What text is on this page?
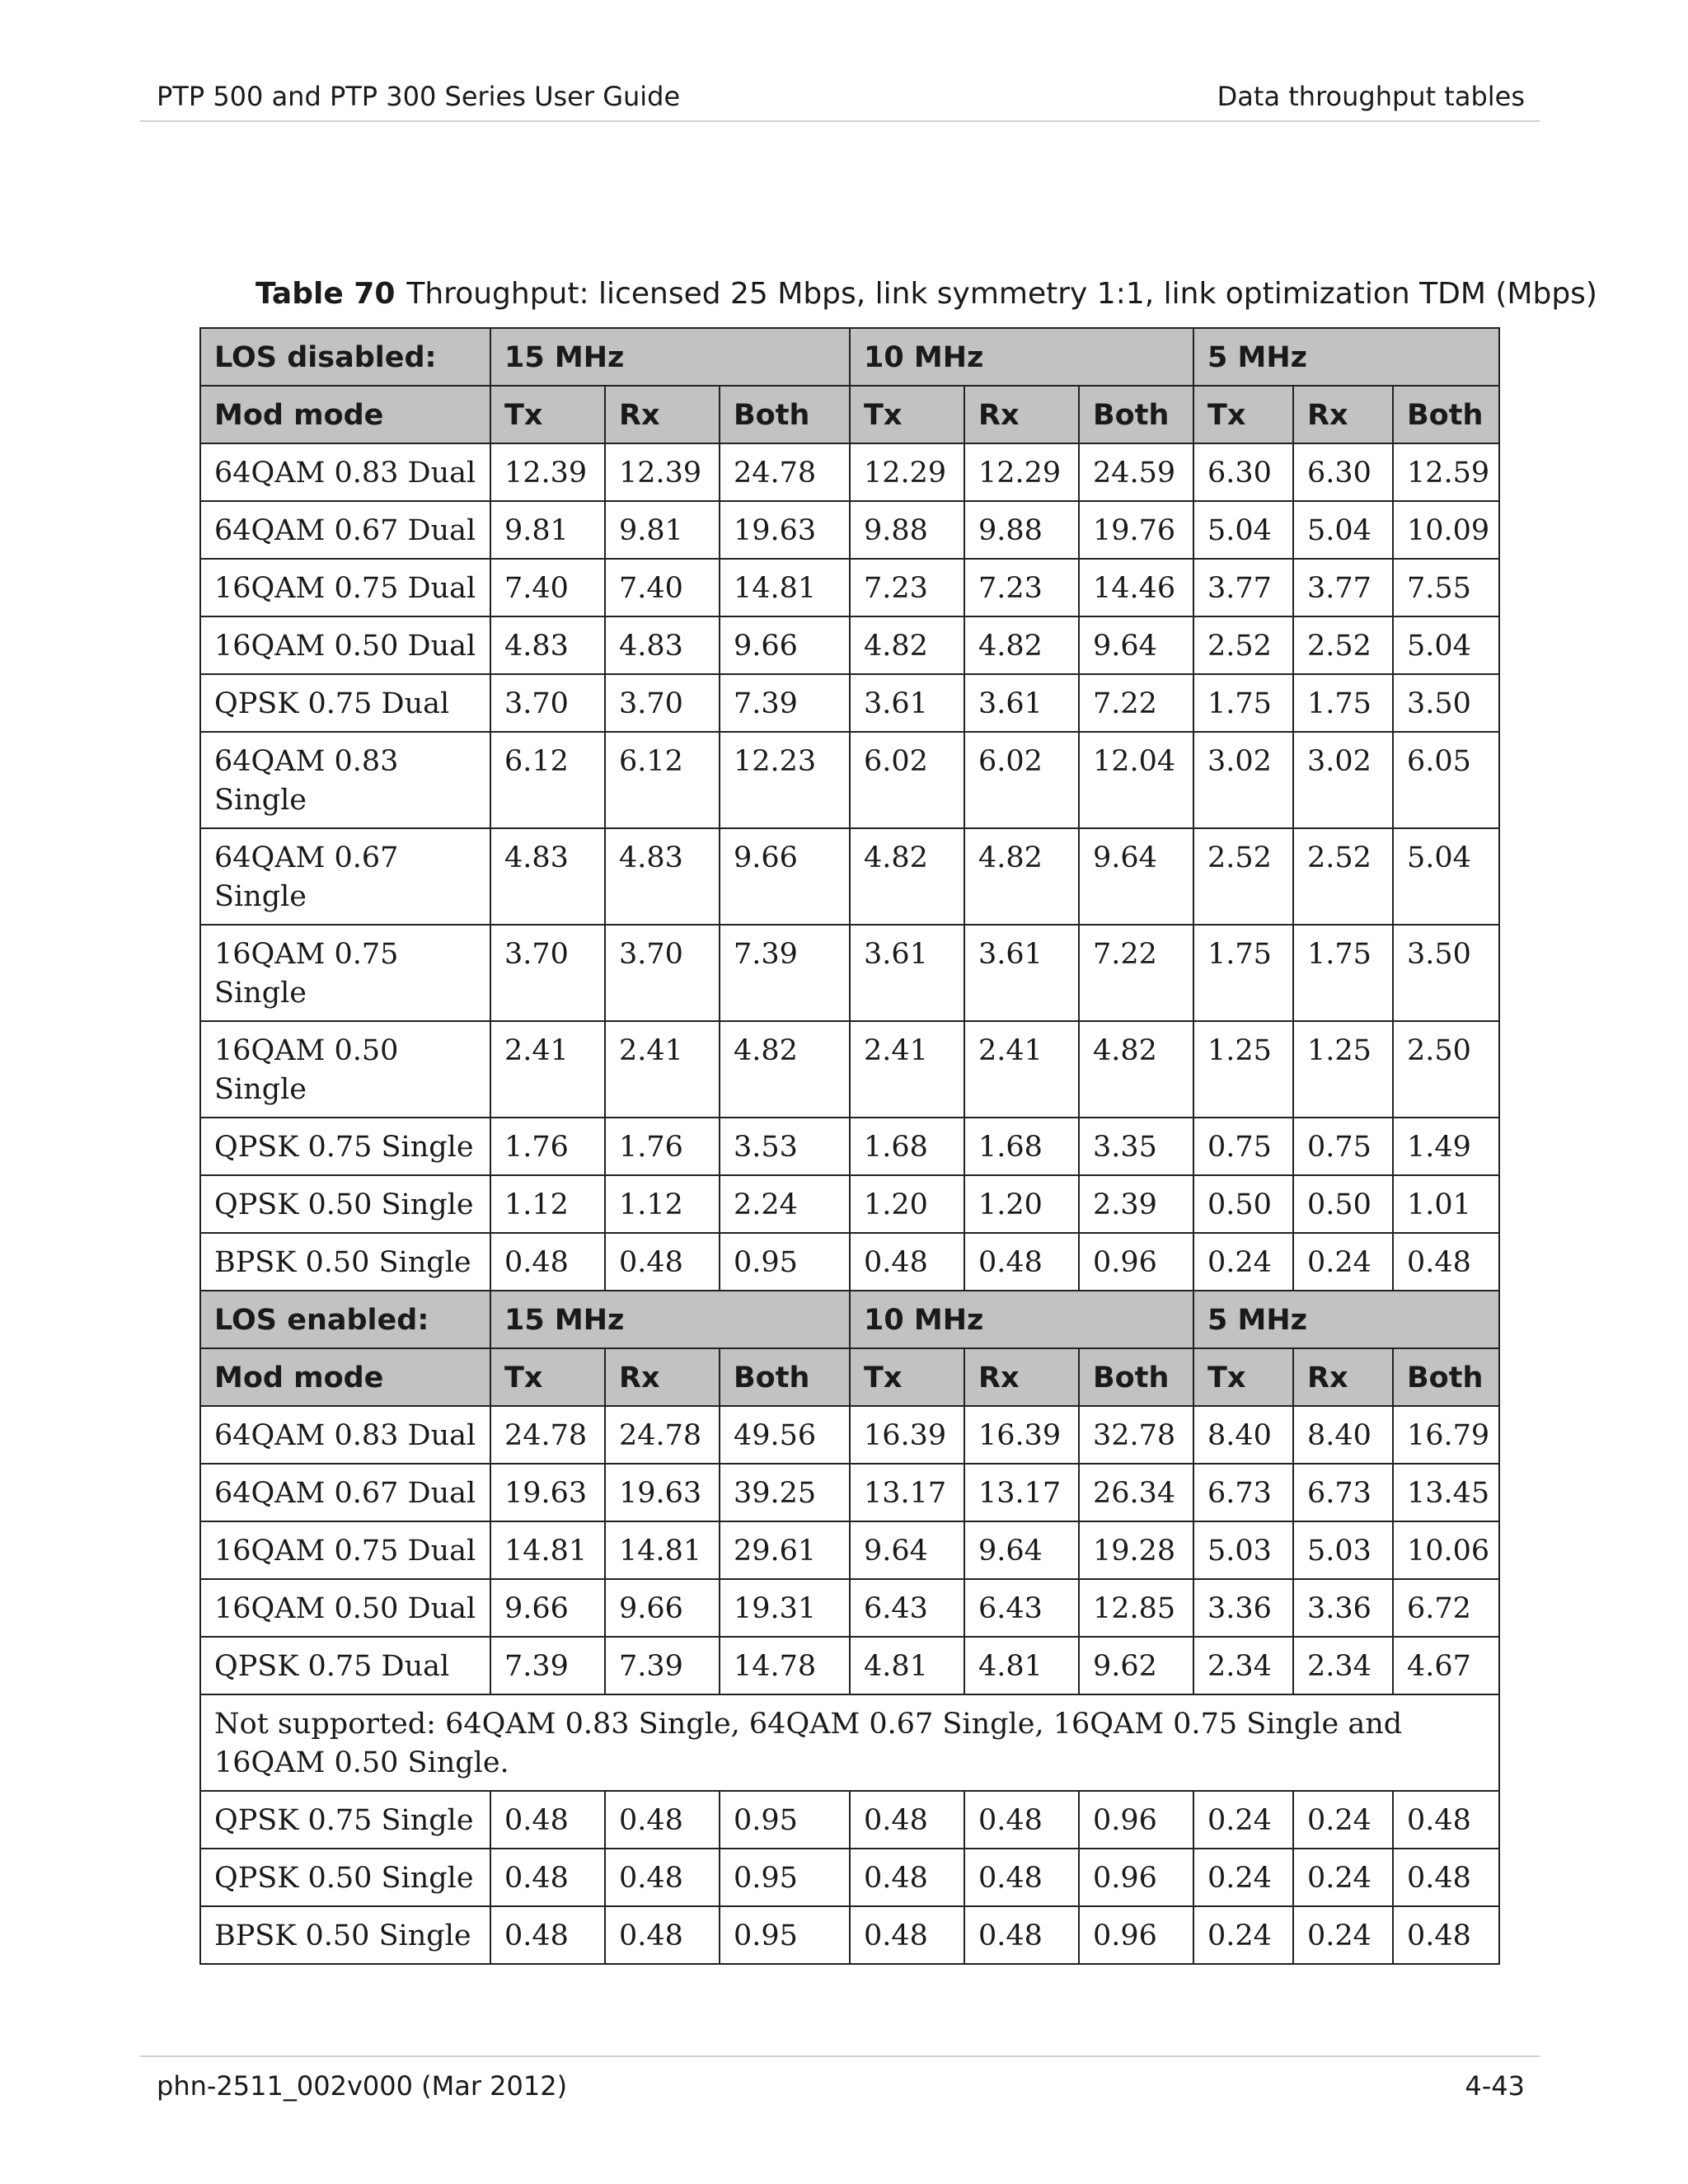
PTP 500 and PTP 300 Series User Guide	Data throughput tables
Table 70 Throughput: licensed 25 Mbps, link symmetry 1:1, link optimization TDM (Mbps)
LOS disabled:	15 MHz			10 MHz			5 MHz		
Mod mode	Tx	Rx	Both	Tx	Rx	Both	Tx	Rx	Both
64QAM 0.83 Dual	12.39	12.39	24.78	12.29	12.29	24.59	6.30	6.30	12.59
64QAM 0.67 Dual	9.81	9.81	19.63	9.88	9.88	19.76	5.04	5.04	10.09
16QAM 0.75 Dual	7.40	7.40	14.81	7.23	7.23	14.46	3.77	3.77	7.55
16QAM 0.50 Dual	4.83	4.83	9.66	4.82	4.82	9.64	2.52	2.52	5.04
QPSK 0.75 Dual	3.70	3.70	7.39	3.61	3.61	7.22	1.75	1.75	3.50
64QAM 0.83 Single	6.12	6.12	12.23	6.02	6.02	12.04	3.02	3.02	6.05
64QAM 0.67 Single	4.83	4.83	9.66	4.82	4.82	9.64	2.52	2.52	5.04
16QAM 0.75 Single	3.70	3.70	7.39	3.61	3.61	7.22	1.75	1.75	3.50
16QAM 0.50 Single	2.41	2.41	4.82	2.41	2.41	4.82	1.25	1.25	2.50
QPSK 0.75 Single	1.76	1.76	3.53	1.68	1.68	3.35	0.75	0.75	1.49
QPSK 0.50 Single	1.12	1.12	2.24	1.20	1.20	2.39	0.50	0.50	1.01
BPSK 0.50 Single	0.48	0.48	0.95	0.48	0.48	0.96	0.24	0.24	0.48
LOS enabled:	15 MHz			10 MHz			5 MHz		
Mod mode	Tx	Rx	Both	Tx	Rx	Both	Tx	Rx	Both
64QAM 0.83 Dual	24.78	24.78	49.56	16.39	16.39	32.78	8.40	8.40	16.79
64QAM 0.67 Dual	19.63	19.63	39.25	13.17	13.17	26.34	6.73	6.73	13.45
16QAM 0.75 Dual	14.81	14.81	29.61	9.64	9.64	19.28	5.03	5.03	10.06
16QAM 0.50 Dual	9.66	9.66	19.31	6.43	6.43	12.85	3.36	3.36	6.72
QPSK 0.75 Dual	7.39	7.39	14.78	4.81	4.81	9.62	2.34	2.34	4.67
Not supported: 64QAM 0.83 Single, 64QAM 0.67 Single, 16QAM 0.75 Single and 16QAM 0.50 Single.									
QPSK 0.75 Single	0.48	0.48	0.95	0.48	0.48	0.96	0.24	0.24	0.48
QPSK 0.50 Single	0.48	0.48	0.95	0.48	0.48	0.96	0.24	0.24	0.48
BPSK 0.50 Single	0.48	0.48	0.95	0.48	0.48	0.96	0.24	0.24	0.48
phn-2511_002v000 (Mar 2012)	4-43
